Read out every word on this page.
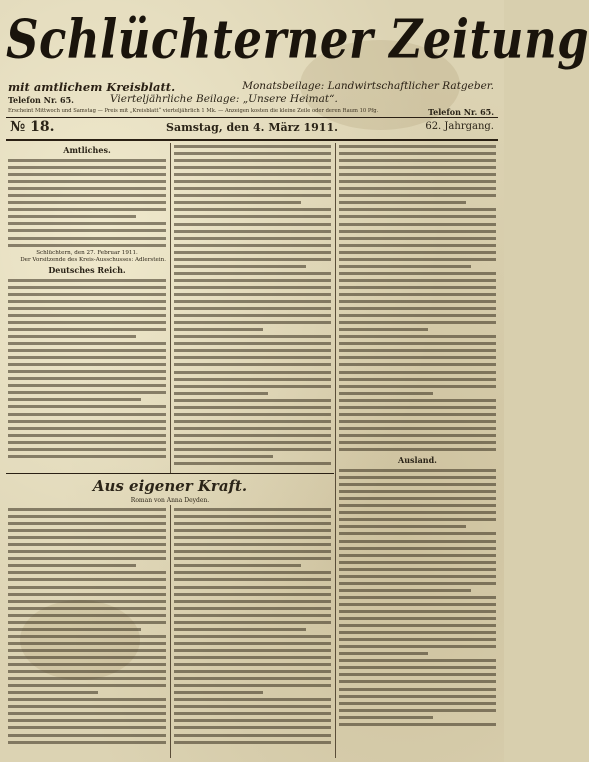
Schlüchterner Zeitung
mit amtlichem Kreisblatt.	Monatsbeilage: Landwirtschaftlicher Ratgeber.
Vierteljährliche Beilage: „Unsere Heimat“.
Telefon Nr. 65.
Telefon Nr. 65.
Erscheint Mittwoch und Samstag — Preis mit „Kreisblatt“ vierteljährlich 1 Mk. — Anzeigen kosten die kleine Zeile oder deren Raum 10 Pfg.
№ 18.	Samstag, den 4. März 1911.	62. Jahrgang.
Amtliches.
Schlüchtern, den 27. Februar 1911.
Der Vorsitzende des Kreis-Ausschusses: Adlerstein.
Deutsches Reich.
Ausland.
Aus eigener Kraft.
Roman von Anna Deyden.
